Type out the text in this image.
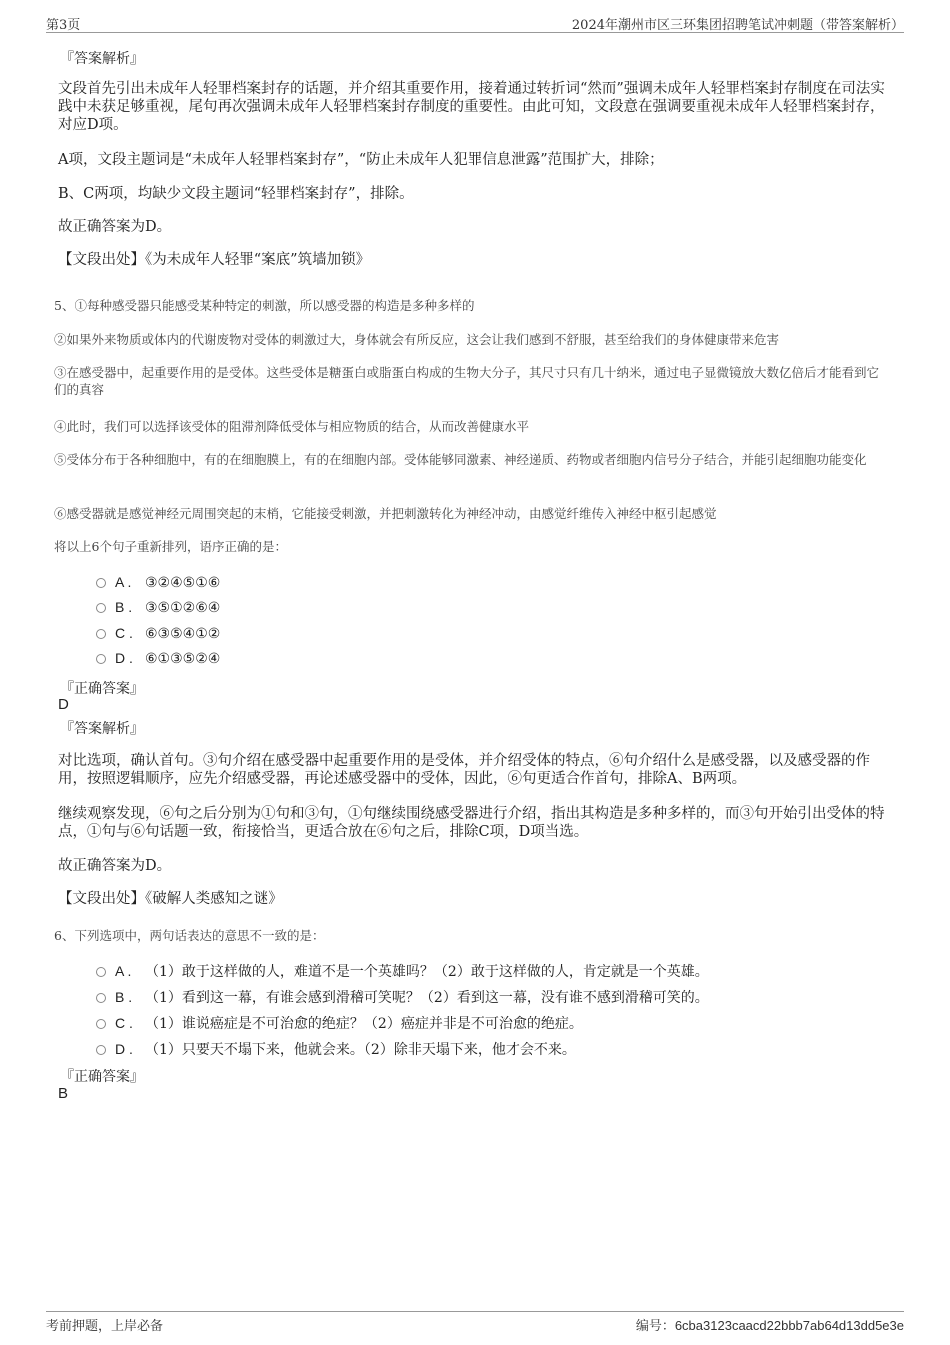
第3页	2024年潮州市区三环集团招聘笔试冲刺题（带答案解析）

『答案解析』

文段首先引出未成年人轻罪档案封存的话题，并介绍其重要作用，接着通过转折词“然而”强调未成年人轻罪档案封存制度在司法实践中未获足够重视，尾句再次强调未成年人轻罪档案封存制度的重要性。由此可知，文段意在强调要重视未成年人轻罪档案封存，对应D项。

A项，文段主题词是“未成年人轻罪档案封存”，“防止未成年人犯罪信息泄露”范围扩大，排除；

B、C两项，均缺少文段主题词“轻罪档案封存”，排除。

故正确答案为D。

【文段出处】《为未成年人轻罪“案底”筑墙加锁》

5、①每种感受器只能感受某种特定的刺激，所以感受器的构造是多种多样的

②如果外来物质或体内的代谢废物对受体的刺激过大，身体就会有所反应，这会让我们感到不舒服，甚至给我们的身体健康带来危害

③在感受器中，起重要作用的是受体。这些受体是糖蛋白或脂蛋白构成的生物大分子，其尺寸只有几十纳米，通过电子显微镜放大数亿倍后才能看到它们的真容

④此时，我们可以选择该受体的阻滞剂降低受体与相应物质的结合，从而改善健康水平

⑤受体分布于各种细胞中，有的在细胞膜上，有的在细胞内部。受体能够同激素、神经递质、药物或者细胞内信号分子结合，并能引起细胞功能变化

⑥感受器就是感觉神经元周围突起的末梢，它能接受刺激，并把刺激转化为神经冲动，由感觉纤维传入神经中枢引起感觉

将以上6个句子重新排列，语序正确的是：

A . ③②④⑤①⑥
B . ③⑤①②⑥④
C . ⑥③⑤④①②
D . ⑥①③⑤②④

『正确答案』

D

『答案解析』

对比选项，确认首句。③句介绍在感受器中起重要作用的是受体，并介绍受体的特点，⑥句介绍什么是感受器，以及感受器的作用，按照逻辑顺序，应先介绍感受器，再论述感受器中的受体，因此，⑥句更适合作首句，排除A、B两项。

继续观察发现，⑥句之后分别为①句和③句，①句继续围绕感受器进行介绍，指出其构造是多种多样的，而③句开始引出受体的特点，①句与⑥句话题一致，衔接恰当，更适合放在⑥句之后，排除C项，D项当选。

故正确答案为D。

【文段出处】《破解人类感知之谜》

6、下列选项中，两句话表达的意思不一致的是：

A . （1）敢于这样做的人，难道不是一个英雄吗？（2）敢于这样做的人，肯定就是一个英雄。
B . （1）看到这一幕，有谁会感到滑稽可笑呢？（2）看到这一幕，没有谁不感到滑稽可笑的。
C . （1）谁说癌症是不可治愈的绝症？（2）癌症并非是不可治愈的绝症。
D . （1）只要天不塌下来，他就会来。（2）除非天塌下来，他才会不来。

『正确答案』

B

考前押题，上岸必备	编号：6cba3123caacd22bbb7ab64d13dd5e3e
